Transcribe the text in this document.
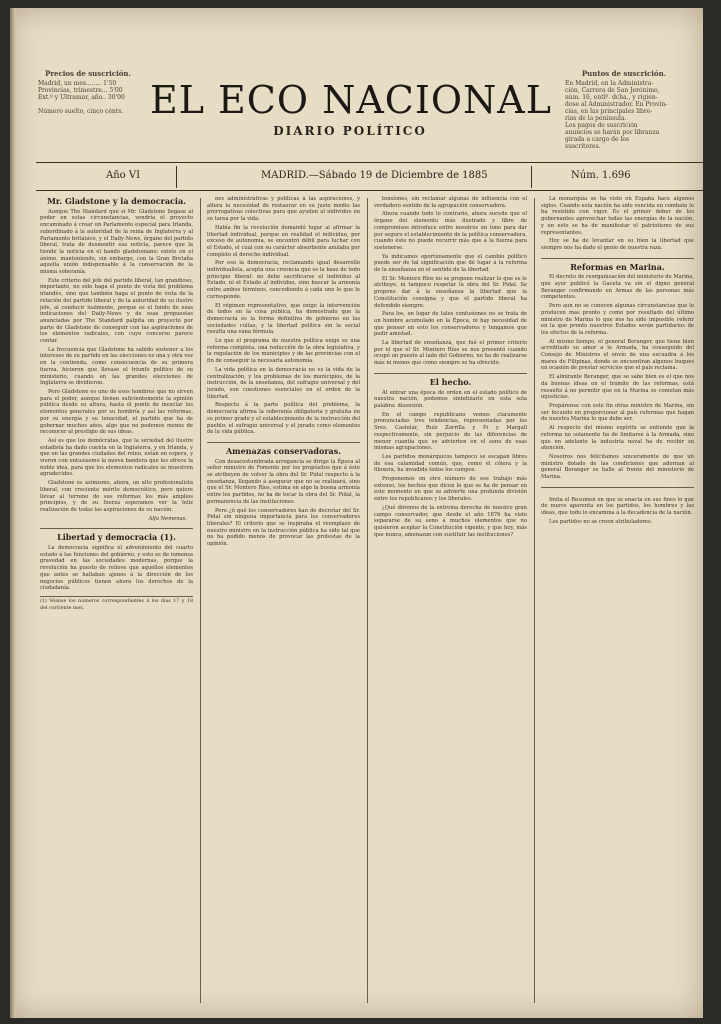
Precios de suscrición.
Madrid, un mes........ 1'50
Provincias, trimestre... 5'00
Ext.º y Ultramar, año.. 30'00

Número suelto, cinco cénts. EL ECO NACIONAL
DIARIO POLÍTICO
Puntos de suscrición.
En Madrid, en la Administra-
ción, Carrera de San Jerónimo,
núm. 16, entlº. dcha., y rigién-
dose al Administrador. En Provin-
cias, en las principales libre-
rías de la península.
Los pagos de suscrición
anuncios se harán por libranza
girada a cargo de los
suscritores.
Año VI	MADRID.—Sábado 19 de Diciembre de 1885	Núm. 1.696
Mr. Gladstone y la democracia.

Aunque The Standard que si Mr. Gladstone llegase al poder en estas circunstancias, vendría el proyecto encaminado á crear un Parlamento especial para Irlanda, subordinado á la autoridad de la reina de Inglaterra y al Parlamento británico, y el Daily-News, órgano del partido liberal, trata de desmentir esa noticia, parece que la tiende la noticia en el bando gladstoniano; existe en el ánimo, manteniendo, sin embargo, con la Gran Bretaña aquella unión indispensable á la conservación de la misma soberanía.

Este criterio del jefe del partido liberal, tan grandioso, importante, no sólo haga el punto de vista del problema irlandés, sino que también haga el punto de vista de la relación del partido liberal y de la autoridad de su ilustre jefe, al conducir lealmente, porque es el fondo de esas indicaciones del Daily-News y de esas propuestas anunciadas por The Standard palpita un proyecto por parte de Gladstone de conseguir con las aspiraciones de los elementos radicales, con cuyo concurso parece contar.

La frecuencia que Gladstone ha sabido sostener a los intereses de su partido en las elecciones es una y otra vez en la contienda, como consecuencia de su primera fuerza, hicieron que llevase el triunfo político de su ministerio, cuando en las grandes elecciones de Inglaterra se dividieron.

Pero Gladstone es uno de esos hombres que no sirven para el poder, aunque tienen suficientemente la opinión pública desde su altura, hasta el punto de mezclar los elementos generales por su hombría y así las reformas, por su energía y su tenacidad, el partido que ha de gobernar muchos años, algo que no podemos menos de reconocer al prestigio de sus ideas.

Así es que los demócratas, que la seriedad del ilustre estadista ha dado cuenta en la Inglaterra, y en Irlanda, y que en las grandes ciudades del reino, están en espera, y vieron con entusiasmo la nueva bandera que les ofrece la noble idea, para que los elementos radicales se muestren agradecidos.

Gladstone es asimismo, ahora, un alto profesionalista liberal, con creciente mérito democrático, pero quiere llevar al terreno de sus reformas los más amplios principios, y de su fuerza esperamos ver la feliz realización de todas las aspiraciones de su nación.

Alfa Nemenas.
Libertad y democracia (1).

La democracia significa el advenimiento del cuarto estado á las funciones del gobierno, y esto es de inmensa gravedad en las sociedades modernas, porque la revolución ha puesto de relieve que aquellos elementos que antes se hallaban ajenos á la dirección de los negocios públicos tienen ahora los derechos de la ciudadanía.

(1) Véanse los números correspondientes á los días 17 y 18 del corriente mes.

nes administrativas y políticas á las aspiraciones, y altera la necesidad de restaurar en su justo medio las prerrogativas colectivas para que ayuden al individuo en su tarea por la vida.

Había fin la revolución demandó lugar al afirmar la libertad individual, porque en realidad el individuo, por exceso de autonomía, se encontró débil para luchar con el Estado, el cual con su carácter absorbente anulaba por completo el derecho individual.

Por eso la democracia, reclamando igual desarrollo individualista, acepta una creencia que es la base de todo principio liberal: no debe sacrificarse el individuo al Estado, ni el Estado al individuo, sino buscar la armonía entre ambos términos, concediendo á cada uno lo que le corresponde.

El régimen representativo, que exige la intervención de todos en la cosa pública, ha demostrado que la democracia es la forma definitiva de gobierno en las sociedades cultas, y la libertad política sin la social resulta una vana fórmula.

Lo que el programa de nuestra política exige es una reforma completa, una reducción de la obra legislativa, y la regulación de los municipios y de las provincias con el fin de conseguir la necesaria autonomía.

La vida política en la democracia no es la vida de la centralización, y los problemas de los municipios, de la instrucción, de la enseñanza, del sufragio universal y del jurado, son cuestiones esenciales en el orden de la libertad.

Respecto á la parte política del problema, la democracia afirma la soberanía obligatoria y gratuita en su primer grado y el establecimiento de la instrucción del pueblo; el sufragio universal y el jurado como elementos de la vida pública.

Amenazas conservadoras.

Con desacostumbrada arrogancia se dirige la Época al señor ministro de Fomento por los propósitos que á éste se atribuyen de volver la obra del Sr. Pidal respecto á la enseñanza, llegando á asegurar que no se realizará, sino que el Sr. Montero Ríos, estima en algo la buena armonía entre los partidos, no ha de tocar la obra del Sr. Pidal, la permanencia de las instituciones.

Pero ¿ó qué los conservadores han de decretar del Sr. Pidal sin ninguna importancia para los conservadores liberales? El criterio que se inspiraba el reemplazo de nuestro ministro en la instrucción pública ha sido tal que no ha podido menos de provocar las protestas de la opinión.

tensiones, sin reclamar algunas de influencia con el verdadero sentido de la agrupación conservadora.

Ahora cuando todo lo contrario, ahora sucede que el órgano del elemento más ilustrado y libre de compromisos introduce entre nosotros un tono para dar por seguro el establecimiento de la política conservadora, cuando éste no puede recurrir más que á la fuerza para sostenerse.

Ya indicamos oportunamente que el cambio político puede ser de tal significación que dé lugar á la reforma de la enseñanza en el sentido de la libertad.

El Sr. Montero Ríos no se propone realizar lo que se le atribuye, ni tampoco respetar la obra del Sr. Pidal. Se propone dar á la enseñanza la libertad que la Constitución consigna y que el partido liberal ha defendido siempre.

Para los, en lugar de tales confusiones no se trata de un hombre acumulado en la Época, ni hay necesidad de que pensar en esto los conservadores y tengamos que pedir amistad.

La libertad de enseñanza, que fué el primer criterio por el que el Sr. Montero Ríos se nos presentó cuando ocupó un puesto al lado del Gobierno, no ha de realizarse más ni menos que como siempre se ha ofrecido.

El hecho.

Al entrar una época de orden en el estado político de nuestra nación, podemos sintetizarlo en esta sola palabra: disensión.

En el campo republicano vemos claramente pronunciadas tres tendencias, representadas por los Sres. Castelar, Ruiz Zorrilla y Pi y Margall respectivamente, sin perjuicio de las diferencias de menor cuantía que se advierten en el seno de esas mismas agrupaciones.

Los partidos monárquicos tampoco se escapan libres de esa calamidad común, que, como el cólera y la filoxera, ha invadido todos los campos.

Proponemos en otro número de ese trabajo más extenso, los hechos que dicen lo que se ha de pensar en este momento en que se advierte una profunda división entre los republicanos y los liberales.

¿Qué diremos de la extrema derecha de nuestro gran campo conservador, que desde el año 1876 ha visto separarse de su seno á muchos elementos que no quisieron aceptar la Constitución vigente, y que hoy, más que nunca, amenazan con sustituir las instituciones?

La monarquía se ha visto en España hace algunos siglos. Cuando esta nación ha sido vencida en combate lo ha resistido con vigor. Es el primer deber de los gobernantes aprovechar todas las energías de la nación, y en esto se ha de manifestar el patriotismo de sus representantes.

Hoy se ha de levantar en su bien la libertad que siempre nos ha dado el genio de nuestra raza.

Reformas en Marina.

El decreto de reorganización del ministerio de Marina, que ayer publicó la Gaceta va sin el digno general Beranger confirmando en Armas de las personas más competentes.

Pero aun no se conocen algunas circunstancias que lo producen mas pronto y como por resultado del último ministro de Marina lo que nos ha sido imposible referir en la que pronto nuestros Estados serán partidarios de los efectos de la reforma.

Al mismo tiempo, el general Beranger, que tiene bien acreditado su amor a la Armada, ha conseguido del Consejo de Ministros el envío de una escuadra á los mares de Filipinas, donde se encuentran algunos buques en ocasión de prestar servicios que el país reclama.

El almirante Beranger, que se sabe bien es el que nos da buenas ideas en el trámite de las reformas, está resuelto á no permitir que en la Marina se cometan más injusticias.

Prepárense con este fin otras ministro de Marina, sin ser fecundo en proporcionar al país reformas que hagan de nuestra Marina lo que debe ser.

Al respecto del mismo espíritu se entiende que la reforma no solamente ha de limitarse á la Armada, sino que en adelante la industria naval ha de recibir su atención.

Nosotros nos felicitamos sinceramente de que un ministro dotado de las condiciones que adornan al general Beranger se halle al frente del ministerio de Marina.

Imita el Resumen en que se enacta en sus fines lo que de nuevo aparenta en los partidos, los hombres y las ideas, que todo lo encamina á la decadencia de la nación.

Los partidos no se creen atribuladores.
